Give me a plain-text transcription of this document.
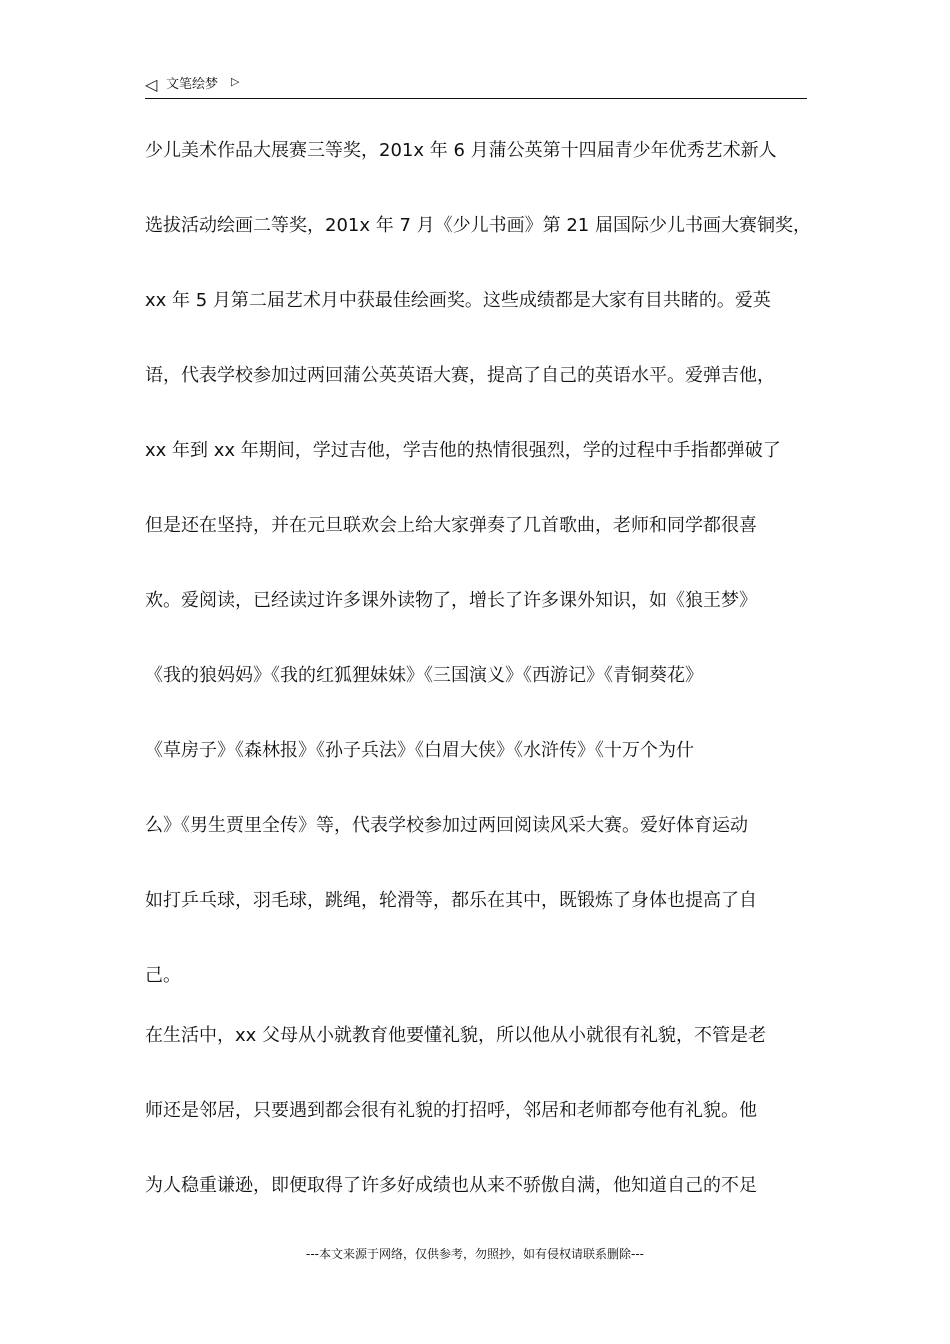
◁ 文笔绘梦 ▷
少儿美术作品大展赛三等奖，201x 年 6 月蒲公英第十四届青少年优秀艺术新人
选拔活动绘画二等奖，201x 年 7 月《少儿书画》第 21 届国际少儿书画大赛铜奖，
xx 年 5 月第二届艺术月中获最佳绘画奖。这些成绩都是大家有目共睹的。爱英
语，代表学校参加过两回蒲公英英语大赛，提高了自己的英语水平。爱弹吉他，
xx 年到 xx 年期间，学过吉他，学吉他的热情很强烈，学的过程中手指都弹破了
但是还在坚持，并在元旦联欢会上给大家弹奏了几首歌曲，老师和同学都很喜
欢。爱阅读，已经读过许多课外读物了，增长了许多课外知识，如《狼王梦》
《我的狼妈妈》《我的红狐狸妹妹》《三国演义》《西游记》《青铜葵花》
《草房子》《森林报》《孙子兵法》《白眉大侠》《水浒传》《十万个为什
么》《男生贾里全传》等，代表学校参加过两回阅读风采大赛。爱好体育运动
如打乒乓球，羽毛球，跳绳，轮滑等，都乐在其中，既锻炼了身体也提高了自
己。
在生活中，xx 父母从小就教育他要懂礼貌，所以他从小就很有礼貌，不管是老
师还是邻居，只要遇到都会很有礼貌的打招呼，邻居和老师都夸他有礼貌。他
为人稳重谦逊，即便取得了许多好成绩也从来不骄傲自满，他知道自己的不足
---本文来源于网络，仅供参考，勿照抄，如有侵权请联系删除---
